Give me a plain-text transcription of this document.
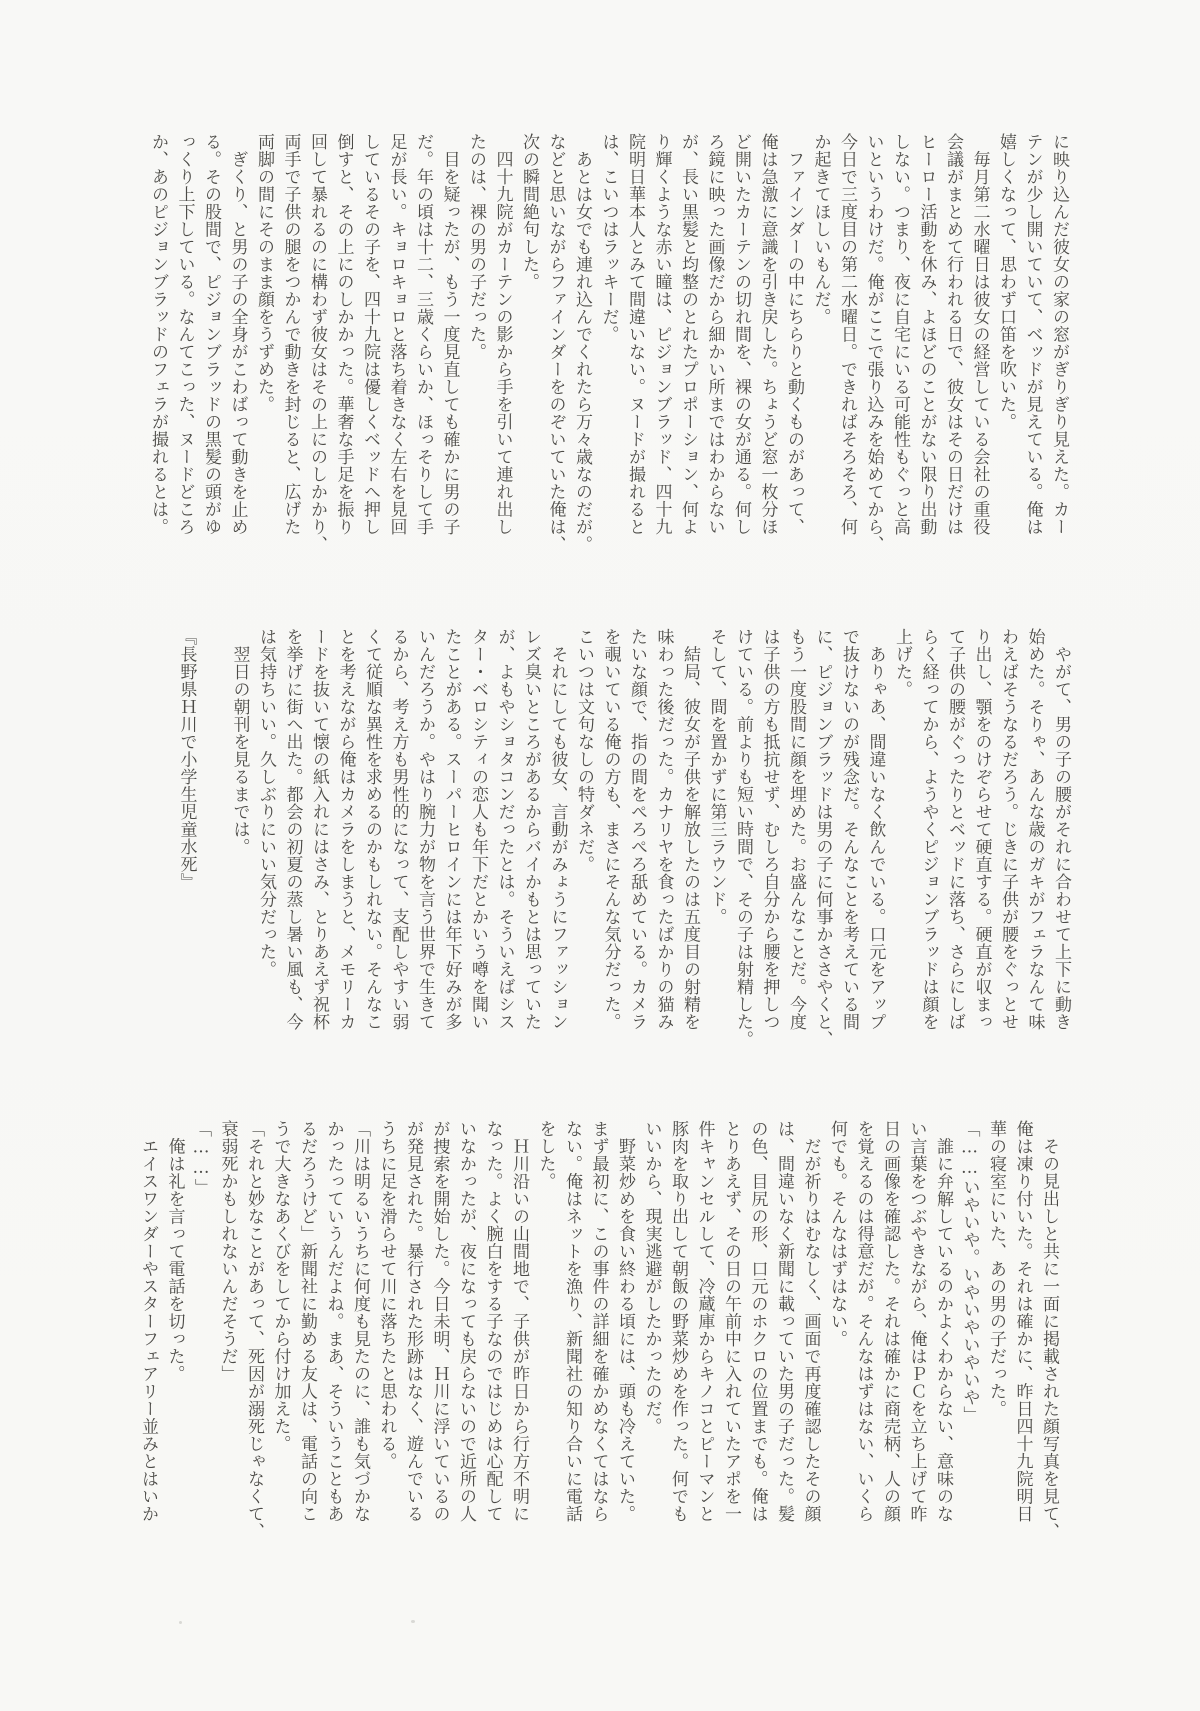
に映り込んだ彼女の家の窓がぎりぎり見えた。カー
テンが少し開いていて、ベッドが見えている。俺は
嬉しくなって、思わず口笛を吹いた。
　毎月第二水曜日は彼女の経営している会社の重役
会議がまとめて行われる日で、彼女はその日だけは
ヒーロー活動を休み、よほどのことがない限り出動
しない。つまり、夜に自宅にいる可能性もぐっと高
いというわけだ。俺がここで張り込みを始めてから、
今日で三度目の第二水曜日。できればそろそろ、何
か起きてほしいもんだ。
　ファインダーの中にちらりと動くものがあって、
俺は急激に意識を引き戻した。ちょうど窓一枚分ほ
ど開いたカーテンの切れ間を、裸の女が通る。何し
ろ鏡に映った画像だから細かい所まではわからない
が、長い黒髪と均整のとれたプロポーション、何よ
り輝くような赤い瞳は、ピジョンブラッド、四十九
院明日華本人とみて間違いない。ヌードが撮れると
は、こいつはラッキーだ。
　あとは女でも連れ込んでくれたら万々歳なのだが。
などと思いながらファインダーをのぞいていた俺は、
次の瞬間絶句した。
　四十九院がカーテンの影から手を引いて連れ出し
たのは、裸の男の子だった。
　目を疑ったが、もう一度見直しても確かに男の子
だ。年の頃は十二、三歳くらいか、ほっそりして手
足が長い。キョロキョロと落ち着きなく左右を見回
しているその子を、四十九院は優しくベッドへ押し
倒すと、その上にのしかかった。華奢な手足を振り
回して暴れるのに構わず彼女はその上にのしかかり、
両手で子供の腿をつかんで動きを封じると、広げた
両脚の間にそのまま顔をうずめた。
　ぎくり、と男の子の全身がこわばって動きを止め
る。その股間で、ピジョンブラッドの黒髪の頭がゆ
っくり上下している。なんてこった、ヌードどころ
か、あのピジョンブラッドのフェラが撮れるとは。
　やがて、男の子の腰がそれに合わせて上下に動き
始めた。そりゃ、あんな歳のガキがフェラなんて味
わえばそうなるだろう。じきに子供が腰をぐっとせ
り出し、顎をのけぞらせて硬直する。硬直が収まっ
て子供の腰がぐったりとベッドに落ち、さらにしば
らく経ってから、ようやくピジョンブラッドは顔を
上げた。
　ありゃあ、間違いなく飲んでいる。口元をアップ
で抜けないのが残念だ。そんなことを考えている間
に、ピジョンブラッドは男の子に何事かささやくと、
もう一度股間に顔を埋めた。お盛んなことだ。今度
は子供の方も抵抗せず、むしろ自分から腰を押しつ
けている。前よりも短い時間で、その子は射精した。
そして、間を置かずに第三ラウンド。
　結局、彼女が子供を解放したのは五度目の射精を
味わった後だった。カナリヤを食ったばかりの猫み
たいな顔で、指の間をぺろぺろ舐めている。カメラ
を覗いている俺の方も、まさにそんな気分だった。
こいつは文句なしの特ダネだ。
　それにしても彼女、言動がみょうにファッション
レズ臭いところがあるからバイかもとは思っていた
が、よもやショタコンだったとは。そういえばシス
ター・ベロシティの恋人も年下だとかいう噂を聞い
たことがある。スーパーヒロインには年下好みが多
いんだろうか。やはり腕力が物を言う世界で生きて
るから、考え方も男性的になって、支配しやすい弱
くて従順な異性を求めるのかもしれない。そんなこ
とを考えながら俺はカメラをしまうと、メモリーカ
ードを抜いて懐の紙入れにはさみ、とりあえず祝杯
を挙げに街へ出た。都会の初夏の蒸し暑い風も、今
は気持ちいい。久しぶりにいい気分だった。
　翌日の朝刊を見るまでは。

『長野県Ｈ川で小学生児童水死』
　その見出しと共に一面に掲載された顔写真を見て、
俺は凍り付いた。それは確かに、昨日四十九院明日
華の寝室にいた、あの男の子だった。
「……いやいや。いやいやいやいや」
　誰に弁解しているのかよくわからない、意味のな
い言葉をつぶやきながら、俺はＰＣを立ち上げて昨
日の画像を確認した。それは確かに商売柄、人の顔
を覚えるのは得意だが。そんなはずはない、いくら
何でも。そんなはずはない。
　だが祈りはむなしく、画面で再度確認したその顔
は、間違いなく新聞に載っていた男の子だった。髪
の色、目尻の形、口元のホクロの位置までも。俺は
とりあえず、その日の午前中に入れていたアポを一
件キャンセルして、冷蔵庫からキノコとピーマンと
豚肉を取り出して朝飯の野菜炒めを作った。何でも
いいから、現実逃避がしたかったのだ。
　野菜炒めを食い終わる頃には、頭も冷えていた。
まず最初に、この事件の詳細を確かめなくてはなら
ない。俺はネットを漁り、新聞社の知り合いに電話
をした。
　Ｈ川沿いの山間地で、子供が昨日から行方不明に
なった。よく腕白をする子なのではじめは心配して
いなかったが、夜になっても戻らないので近所の人
が捜索を開始した。今日未明、Ｈ川に浮いているの
が発見された。暴行された形跡はなく、遊んでいる
うちに足を滑らせて川に落ちたと思われる。
「川は明るいうちに何度も見たのに、誰も気づかな
かったっていうんだよね。まあ、そういうこともあ
るだろうけど」新聞社に勤める友人は、電話の向こ
うで大きなあくびをしてから付け加えた。
「それと妙なことがあって、死因が溺死じゃなくて、
衰弱死かもしれないんだそうだ」
「……」
　俺は礼を言って電話を切った。
　エイスワンダーやスターフェアリー並みとはいか
